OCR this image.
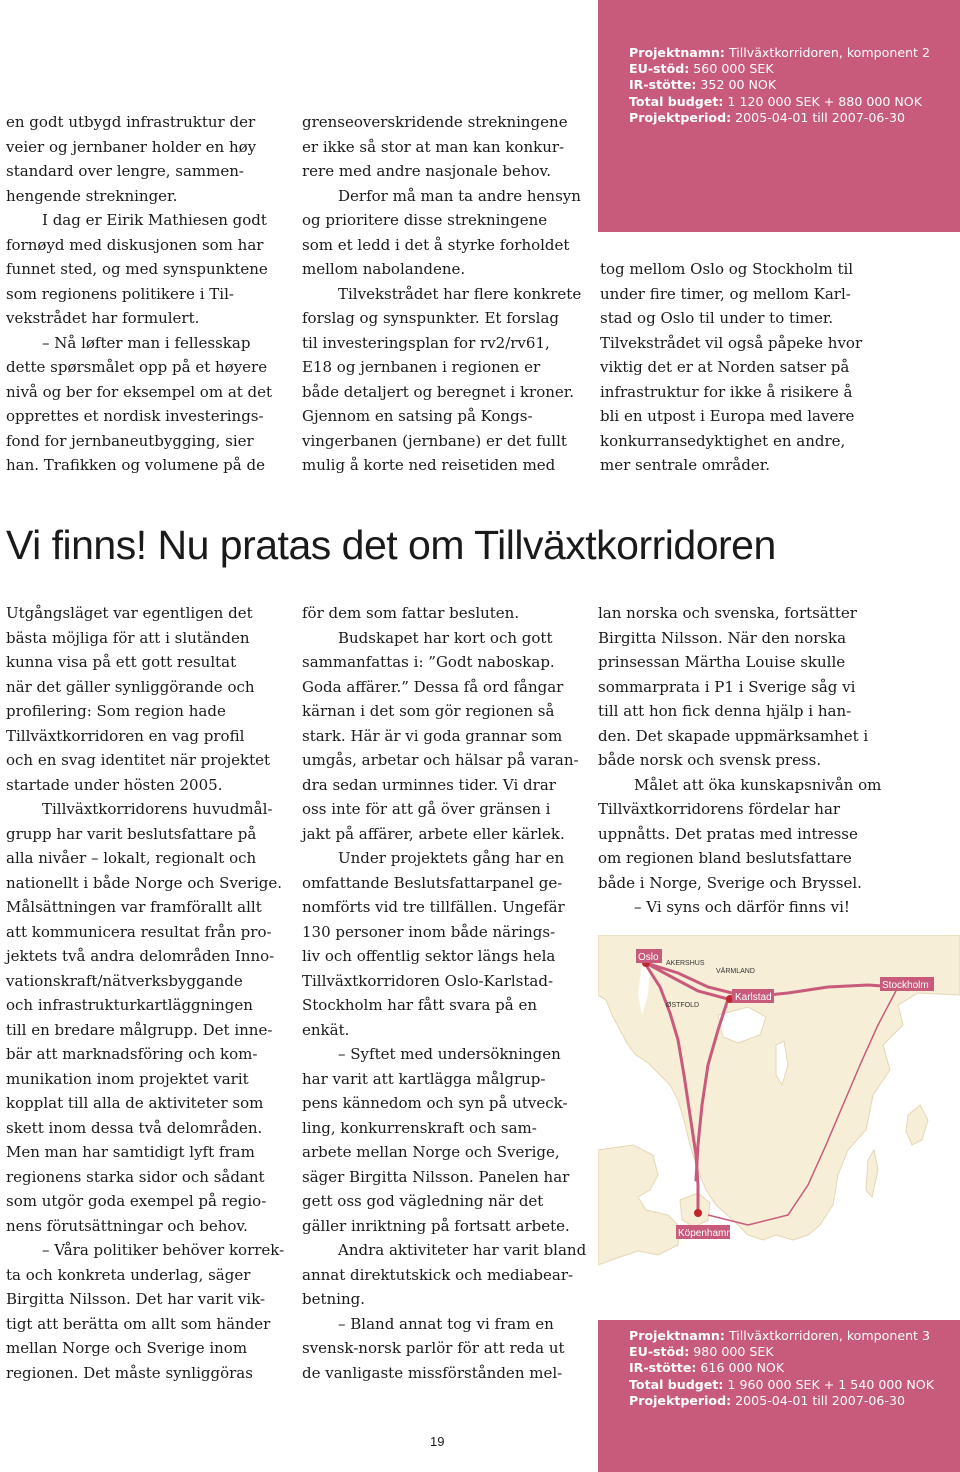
Projektnamn: Tillväxtkorridoren, komponent 2
EU-stöd: 560 000 SEK
IR-stötte: 352 00 NOK
Total budget: 1 120 000 SEK + 880 000 NOK
Projektperiod: 2005-04-01 till 2007-06-30
en godt utbygd infrastruktur der
veier og jernbaner holder en høy
standard over lengre, sammen-
hengende strekninger.
I dag er Eirik Mathiesen godt
fornøyd med diskusjonen som har
funnet sted, og med synspunktene
som regionens politikere i Til-
vekstrådet har formulert.
– Nå løfter man i fellesskap
dette spørsmålet opp på et høyere
nivå og ber for eksempel om at det
opprettes et nordisk investerings-
fond for jernbaneutbygging, sier
han. Trafikken og volumene på de
grenseoverskridende strekningene
er ikke så stor at man kan konkur-
rere med andre nasjonale behov.
Derfor må man ta andre hensyn
og prioritere disse strekningene
som et ledd i det å styrke forholdet
mellom nabolandene.
Tilvekstrådet har flere konkrete
forslag og synspunkter. Et forslag
til investeringsplan for rv2/rv61,
E18 og jernbanen i regionen er
både detaljert og beregnet i kroner.
Gjennom en satsing på Kongs-
vingerbanen (jernbane) er det fullt
mulig å korte ned reisetiden med
tog mellom Oslo og Stockholm til
under fire timer, og mellom Karl-
stad og Oslo til under to timer.
Tilvekstrådet vil også påpeke hvor
viktig det er at Norden satser på
infrastruktur for ikke å risikere å
bli en utpost i Europa med lavere
konkurransedyktighet en andre,
mer sentrale områder.
Vi finns! Nu pratas det om Tillväxtkorridoren
Utgångsläget var egentligen det
bästa möjliga för att i slutänden
kunna visa på ett gott resultat
när det gäller synliggörande och
profilering: Som region hade
Tillväxtkorridoren en vag profil
och en svag identitet när projektet
startade under hösten 2005.
Tillväxtkorridorens huvudmål-
grupp har varit beslutsfattare på
alla nivåer – lokalt, regionalt och
nationellt i både Norge och Sverige.
Målsättningen var framförallt allt
att kommunicera resultat från pro-
jektets två andra delområden Inno-
vationskraft/nätverksbyggande
och infrastrukturkartläggningen
till en bredare målgrupp. Det inne-
bär att marknadsföring och kom-
munikation inom projektet varit
kopplat till alla de aktiviteter som
skett inom dessa två delområden.
Men man har samtidigt lyft fram
regionens starka sidor och sådant
som utgör goda exempel på regio-
nens förutsättningar och behov.
– Våra politiker behöver korrek-
ta och konkreta underlag, säger
Birgitta Nilsson. Det har varit vik-
tigt att berätta om allt som händer
mellan Norge och Sverige inom
regionen. Det måste synliggöras
för dem som fattar besluten.
Budskapet har kort och gott
sammanfattas i: ”Godt naboskap.
Goda affärer.” Dessa få ord fångar
kärnan i det som gör regionen så
stark. Här är vi goda grannar som
umgås, arbetar och hälsar på varan-
dra sedan urminnes tider. Vi drar
oss inte för att gå över gränsen i
jakt på affärer, arbete eller kärlek.
Under projektets gång har en
omfattande Beslutsfattarpanel ge-
nomförts vid tre tillfällen. Ungefär
130 personer inom både närings-
liv och offentlig sektor längs hela
Tillväxtkorridoren Oslo-Karlstad-
Stockholm har fått svara på en
enkät.
– Syftet med undersökningen
har varit att kartlägga målgrup-
pens kännedom och syn på utveck-
ling, konkurrenskraft och sam-
arbete mellan Norge och Sverige,
säger Birgitta Nilsson. Panelen har
gett oss god vägledning när det
gäller inriktning på fortsatt arbete.
Andra aktiviteter har varit bland
annat direktutskick och mediabear-
betning.
– Bland annat tog vi fram en
svensk-norsk parlör för att reda ut
de vanligaste missförstånden mel-
lan norska och svenska, fortsätter
Birgitta Nilsson. När den norska
prinsessan Märtha Louise skulle
sommarprata i P1 i Sverige såg vi
till att hon fick denna hjälp i han-
den. Det skapade uppmärksamhet i
både norsk och svensk press.
Målet att öka kunskapsnivån om
Tillväxtkorridorens fördelar har
uppnåtts. Det pratas med intresse
om regionen bland beslutsfattare
både i Norge, Sverige och Bryssel.
– Vi syns och därför finns vi!
Oslo
AKERSHUS
VÄRMLAND
Karlstad
ØSTFOLD
Stockholm
Köpenhamn
Projektnamn: Tillväxtkorridoren, komponent 3
EU-stöd: 980 000 SEK
IR-stötte: 616 000 NOK
Total budget: 1 960 000 SEK + 1 540 000 NOK
Projektperiod: 2005-04-01 till 2007-06-30
19
